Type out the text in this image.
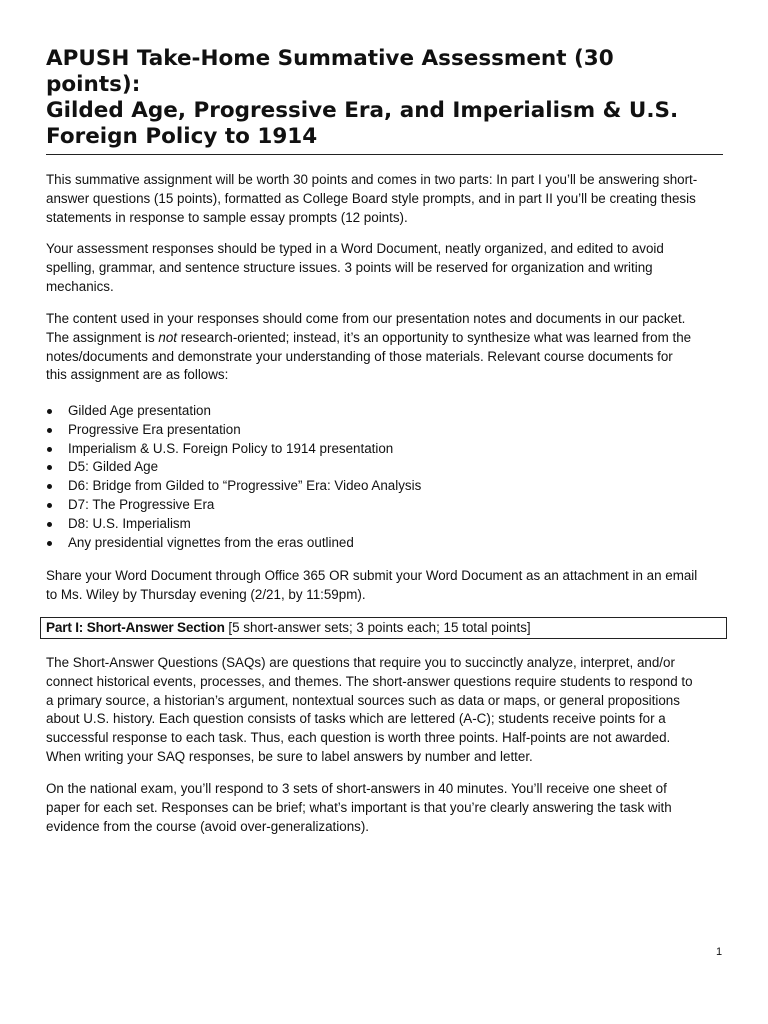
APUSH Take-Home Summative Assessment (30
points):
Gilded Age, Progressive Era, and Imperialism & U.S.
Foreign Policy to 1914

This summative assignment will be worth 30 points and comes in two parts: In part I you’ll be answering short-
answer questions (15 points), formatted as College Board style prompts, and in part II you’ll be creating thesis
statements in response to sample essay prompts (12 points).

Your assessment responses should be typed in a Word Document, neatly organized, and edited to avoid
spelling, grammar, and sentence structure issues. 3 points will be reserved for organization and writing
mechanics.

The content used in your responses should come from our presentation notes and documents in our packet.
The assignment is not research-oriented; instead, it’s an opportunity to synthesize what was learned from the
notes/documents and demonstrate your understanding of those materials. Relevant course documents for
this assignment are as follows:

Gilded Age presentation
Progressive Era presentation
Imperialism & U.S. Foreign Policy to 1914 presentation
D5: Gilded Age
D6: Bridge from Gilded to “Progressive” Era: Video Analysis
D7: The Progressive Era
D8: U.S. Imperialism
Any presidential vignettes from the eras outlined

Share your Word Document through Office 365 OR submit your Word Document as an attachment in an email
to Ms. Wiley by Thursday evening (2/21, by 11:59pm).

Part I: Short-Answer Section [5 short-answer sets; 3 points each; 15 total points]

The Short-Answer Questions (SAQs) are questions that require you to succinctly analyze, interpret, and/or
connect historical events, processes, and themes. The short-answer questions require students to respond to
a primary source, a historian’s argument, nontextual sources such as data or maps, or general propositions
about U.S. history. Each question consists of tasks which are lettered (A-C); students receive points for a
successful response to each task. Thus, each question is worth three points. Half-points are not awarded.
When writing your SAQ responses, be sure to label answers by number and letter.

On the national exam, you’ll respond to 3 sets of short-answers in 40 minutes. You’ll receive one sheet of
paper for each set. Responses can be brief; what’s important is that you’re clearly answering the task with
evidence from the course (avoid over-generalizations).

1
